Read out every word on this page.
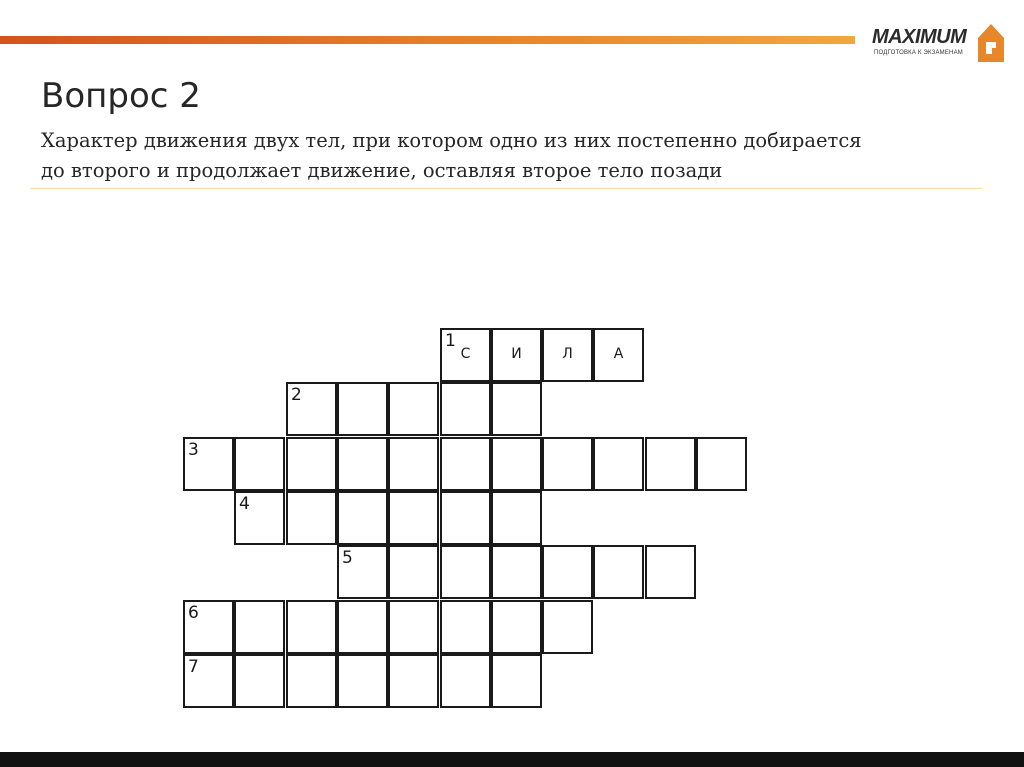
MAXIMUM
ПОДГОТОВКА К ЭКЗАМЕНАМ
Вопрос 2

Характер движения двух тел, при котором одно из них постепенно добирается
до второго и продолжает движение, оставляя второе тело позади

1
С	И	Л	А
2
3
4
5
6
7
